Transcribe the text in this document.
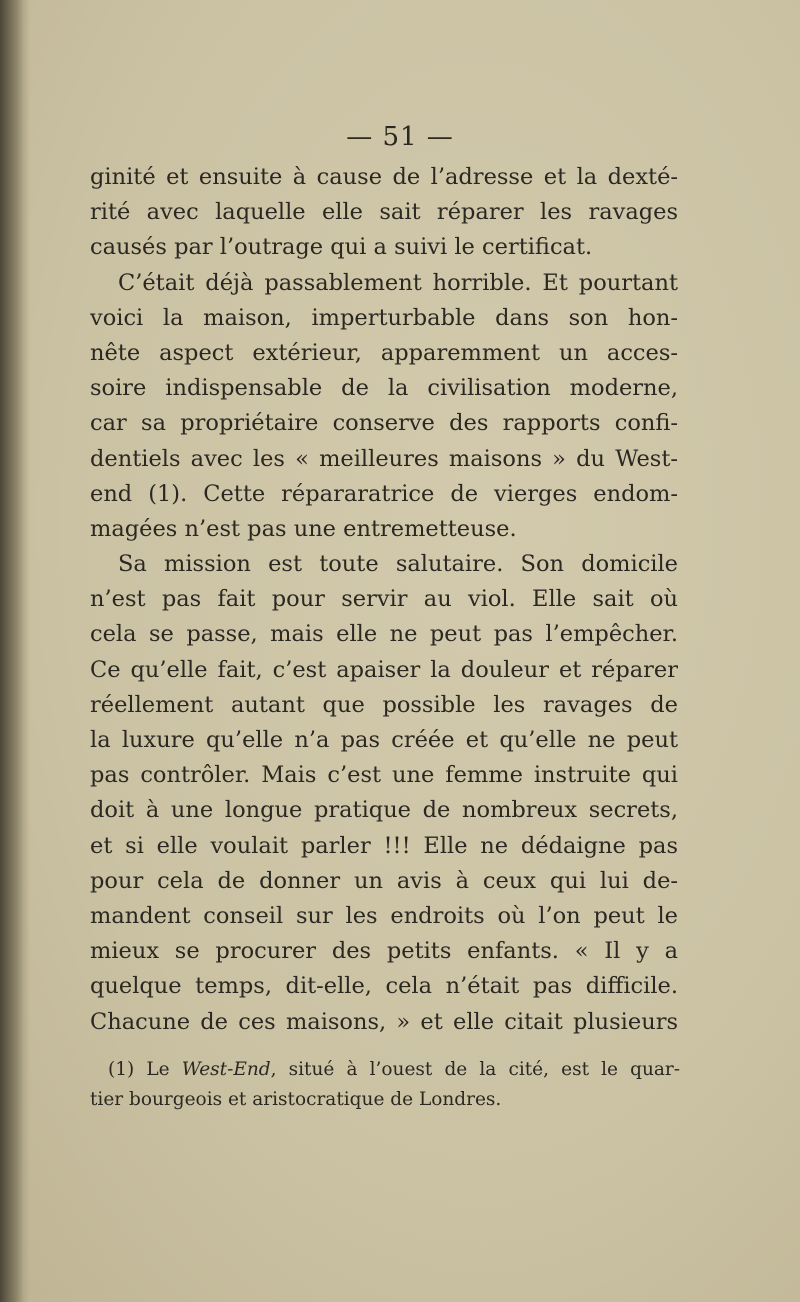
— 51 —
ginité et ensuite à cause de l’adresse et la dexté-
rité avec laquelle elle sait réparer les ravages
causés par l’outrage qui a suivi le certificat.
C’était déjà passablement horrible. Et pourtant
voici la maison, imperturbable dans son hon-
nête aspect extérieur, apparemment un acces-
soire indispensable de la civilisation moderne,
car sa propriétaire conserve des rapports confi-
dentiels avec les « meilleures maisons » du West-
end (1). Cette répararatrice de vierges endom-
magées n’est pas une entremetteuse.
Sa mission est toute salutaire. Son domicile
n’est pas fait pour servir au viol. Elle sait où
cela se passe, mais elle ne peut pas l’empêcher.
Ce qu’elle fait, c’est apaiser la douleur et réparer
réellement autant que possible les ravages de
la luxure qu’elle n’a pas créée et qu’elle ne peut
pas contrôler. Mais c’est une femme instruite qui
doit à une longue pratique de nombreux secrets,
et si elle voulait parler !!! Elle ne dédaigne pas
pour cela de donner un avis à ceux qui lui de-
mandent conseil sur les endroits où l’on peut le
mieux se procurer des petits enfants. « Il y a
quelque temps, dit-elle, cela n’était pas difficile.
Chacune de ces maisons, » et elle citait plusieurs
(1) Le West-End, situé à l’ouest de la cité, est le quar-
tier bourgeois et aristocratique de Londres.
